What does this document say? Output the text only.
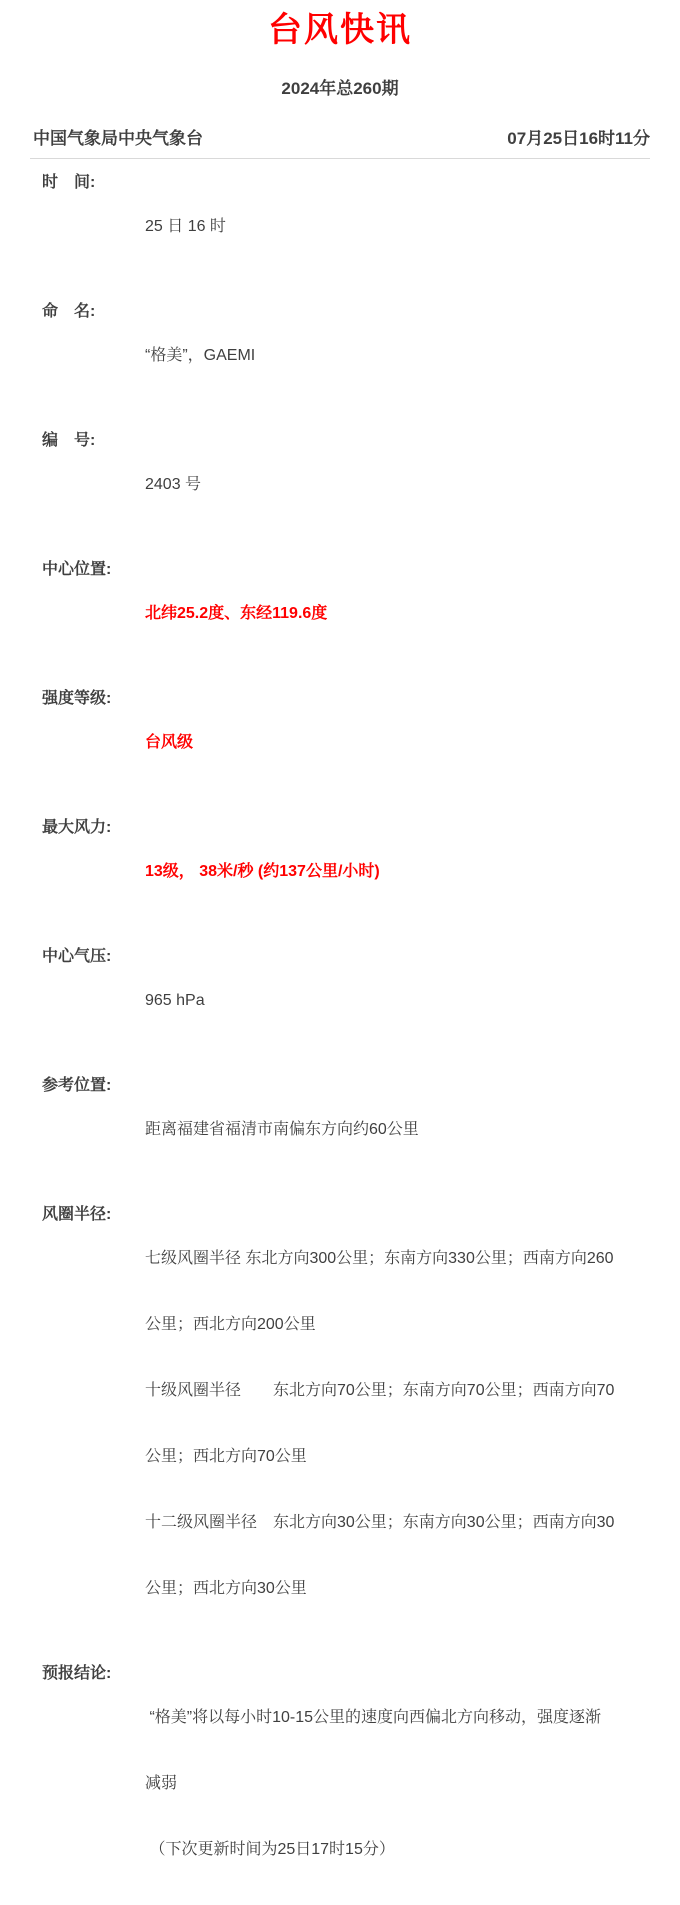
台风快讯
2024年总260期
中国气象局中央气象台	07月25日16时11分
时　间:

25 日 16 时

命　名:

“格美”，GAEMI

编　号:

2403 号

中心位置:

北纬25.2度、东经119.6度

强度等级:

台风级

最大风力:

13级， 38米/秒 (约137公里/小时)

中心气压:

965 hPa

参考位置:

距离福建省福清市南偏东方向约60公里

风圈半径:

七级风圈半径 东北方向300公里；东南方向330公里；西南方向260

公里；西北方向200公里

十级风圈半径　　东北方向70公里；东南方向70公里；西南方向70

公里；西北方向70公里

十二级风圈半径　东北方向30公里；东南方向30公里；西南方向30

公里；西北方向30公里

预报结论:

“格美”将以每小时10-15公里的速度向西偏北方向移动，强度逐渐

减弱

（下次更新时间为25日17时15分）
